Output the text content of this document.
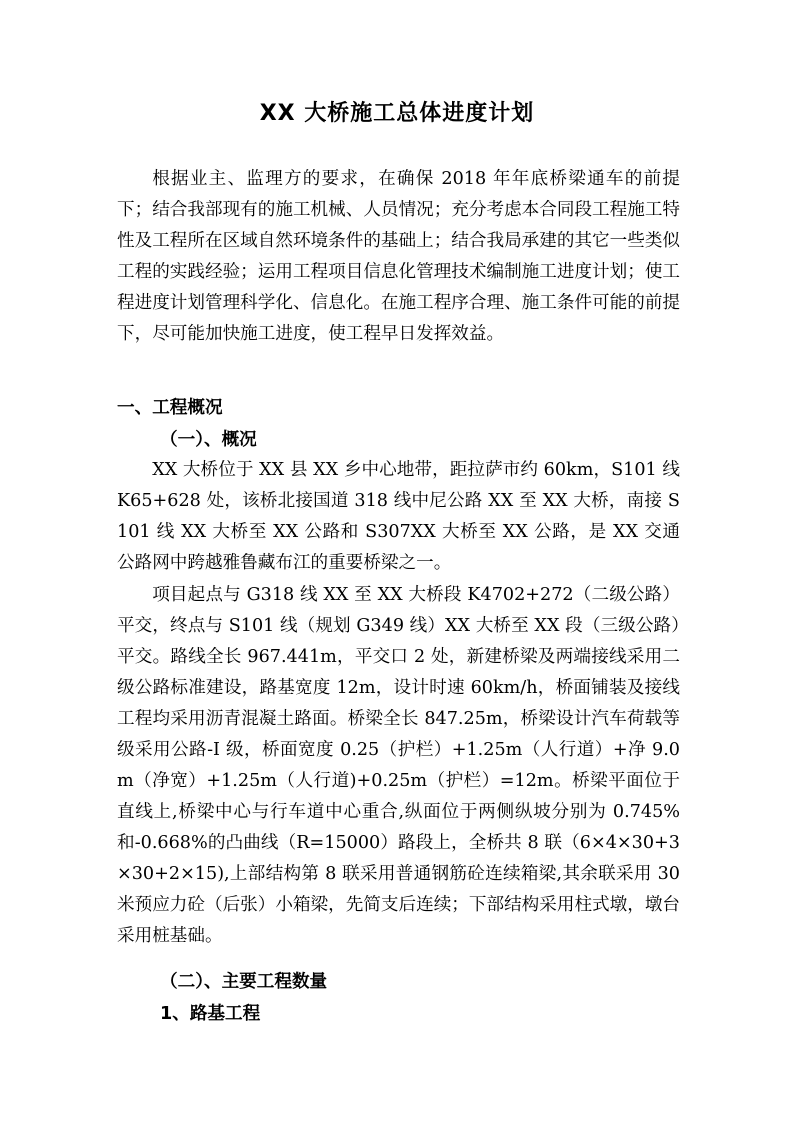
XX 大桥施工总体进度计划

根据业主、监理方的要求，在确保 2018 年年底桥梁通车的前提下；结合我部现有的施工机械、人员情况；充分考虑本合同段工程施工特性及工程所在区域自然环境条件的基础上；结合我局承建的其它一些类似工程的实践经验；运用工程项目信息化管理技术编制施工进度计划；使工程进度计划管理科学化、信息化。在施工程序合理、施工条件可能的前提下，尽可能加快施工进度，使工程早日发挥效益。

一、工程概况
（一）、概况

XX 大桥位于 XX 县 XX 乡中心地带，距拉萨市约 60km，S101 线 K65+628 处，该桥北接国道 318 线中尼公路 XX 至 XX 大桥，南接 S101 线 XX 大桥至 XX 公路和 S307XX 大桥至 XX 公路，是 XX 交通公路网中跨越雅鲁藏布江的重要桥梁之一。

项目起点与 G318 线 XX 至 XX 大桥段 K4702+272（二级公路）平交，终点与 S101 线（规划 G349 线）XX 大桥至 XX 段（三级公路）平交。路线全长 967.441m，平交口 2 处，新建桥梁及两端接线采用二级公路标准建设，路基宽度 12m，设计时速 60km/h，桥面铺装及接线工程均采用沥青混凝土路面。桥梁全长 847.25m，桥梁设计汽车荷载等级采用公路-I 级，桥面宽度 0.25（护栏）+1.25m（人行道）+净 9.0m（净宽）+1.25m（人行道)+0.25m（护栏）=12m。桥梁平面位于直线上,桥梁中心与行车道中心重合,纵面位于两侧纵坡分别为 0.745%和-0.668%的凸曲线（R=15000）路段上，全桥共 8 联（6×4×30+3×30+2×15),上部结构第 8 联采用普通钢筋砼连续箱梁,其余联采用 30 米预应力砼（后张）小箱梁，先简支后连续；下部结构采用柱式墩，墩台采用桩基础。

（二）、主要工程数量
1、路基工程
